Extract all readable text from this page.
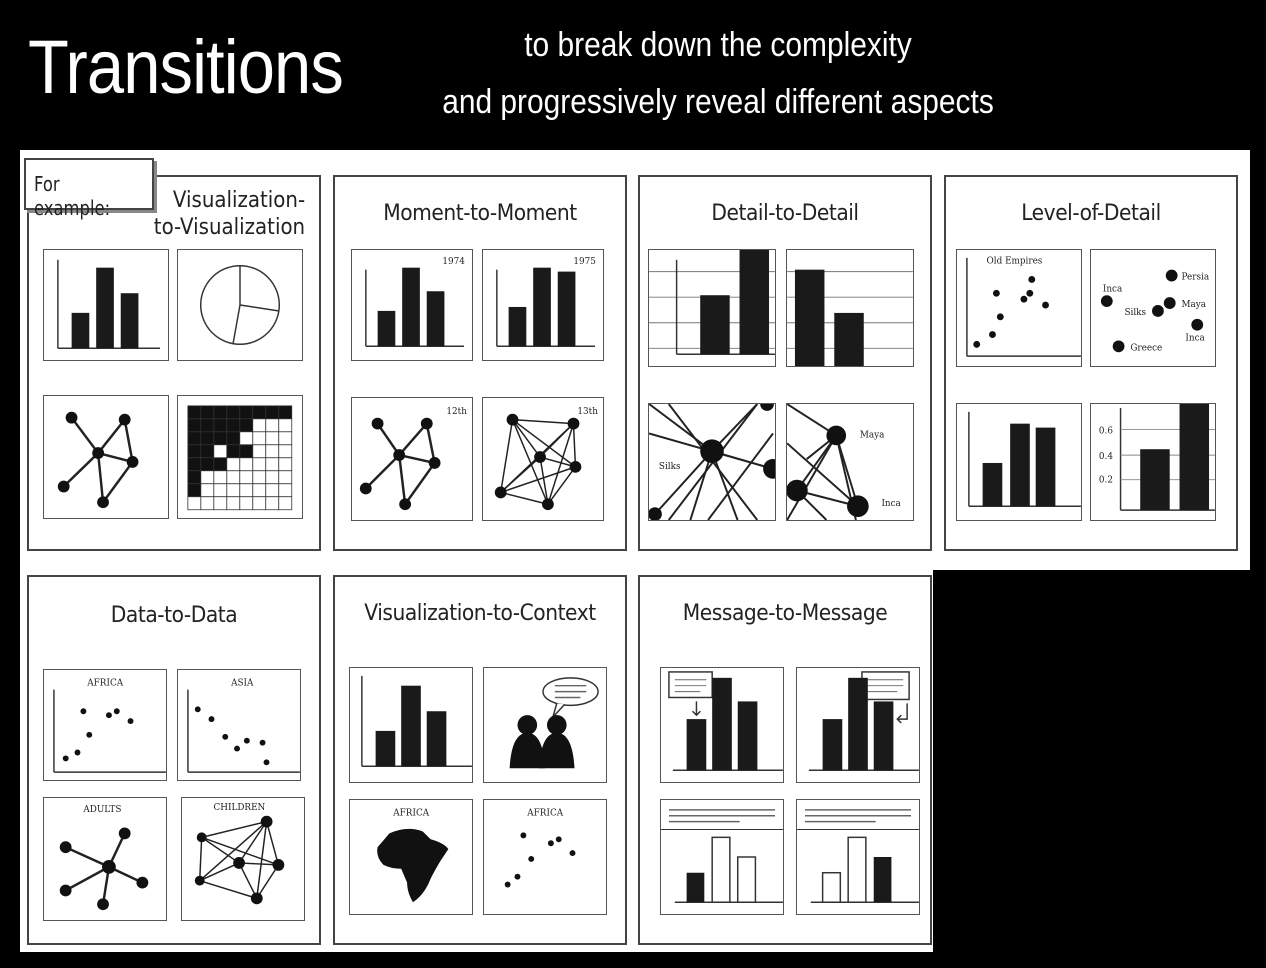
Transitions	to break down the complexity
and progressively reveal different aspects
Visualization-
to-Visualization
For example:	Moment-to-Moment
1974	1975
12th	13th
Detail-to-Detail
Silks
Maya
Inca
Level-of-Detail
Old Empires
Inca
Silks
Persia
Maya
Greece
Inca
0.6
0.4
0.2
Data-to-Data
AFRICA	ASIA
ADULTS	CHILDREN
Visualization-to-Context
AFRICA	AFRICA
Message-to-Message
